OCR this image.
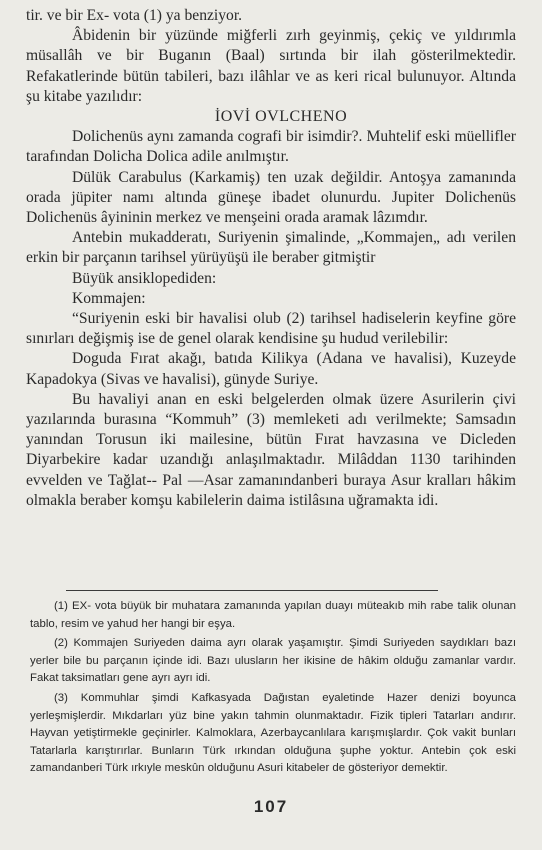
tir. ve bir Ex- vota (1) ya benziyor.

Âbidenin bir yüzünde miğferli zırh geyinmiş, çekiç ve yıldırımla müsallâh ve bir Buganın (Baal) sırtında bir ilah gösterilmektedir. Refakatlerinde bütün tabileri, bazı ilâhlar ve as keri rical bulunuyor. Altında şu kitabe yazılıdır:

İOVİ OVLCHENO

Dolichenüs aynı zamanda cografi bir isimdir?. Muhtelif eski müellifler tarafından Dolicha Dolica adile anılmıştır.

Dülük Carabulus (Karkamiş) ten uzak değildir. Antoşya zamanında orada jüpiter namı altında güneşe ibadet olunurdu. Jupiter Dolichenüs Dolichenüs âyininin merkez ve menşeini orada aramak lâzımdır.

Antebin mukadderatı, Suriyenin şimalinde, „Kommajen„ adı verilen erkin bir parçanın tarihsel yürüyüşü ile beraber gitmiştir

Büyük ansiklopediden:

Kommajen:

“Suriyenin eski bir havalisi olub (2) tarihsel hadiselerin keyfine göre sınırları değişmiş ise de genel olarak kendisine şu hudud verilebilir:

Doguda Fırat akağı, batıda Kilikya (Adana ve havalisi), Kuzeyde Kapadokya (Sivas ve havalisi), günyde Suriye.

Bu havaliyi anan en eski belgelerden olmak üzere Asurilerin çivi yazılarında burasına “Kommuh” (3) memleketi adı verilmekte; Samsadın yanından Torusun iki mailesine, bütün Fırat havzasına ve Dicleden Diyarbekire kadar uzandığı anlaşılmaktadır. Milâddan 1130 tarihinden evvelden ve Tağlat-- Pal —Asar zamanındanberi buraya Asur kralları hâkim olmakla beraber komşu kabilelerin daima istilâsına uğramakta idi.

(1) EX- vota büyük bir muhatara zamanında yapılan duayı müteakıb mih rabe talik olunan tablo, resim ve yahud her hangi bir eşya.

(2) Kommajen Suriyeden daima ayrı olarak yaşamıştır. Şimdi Suriyeden saydıkları bazı yerler bile bu parçanın içinde idi. Bazı ulusların her ikisine de hâkim olduğu zamanlar vardır. Fakat taksimatları gene ayrı ayrı idi.

(3) Kommuhlar şimdi Kafkasyada Dağıstan eyaletinde Hazer denizi boyunca yerleşmişlerdir. Mıkdarları yüz bine yakın tahmin olunmaktadır. Fizik tipleri Tatarları andırır. Hayvan yetiştirmekle geçinirler. Kalmoklara, Azerbaycanlılara karışmışlardır. Çok vakit bunları Tatarlarla karıştırırlar. Bunların Türk ırkından olduğuna şuphe yoktur. Antebin çok eski zamandanberi Türk ırkıyle meskûn olduğunu Asuri kitabeler de gösteriyor demektir.

107
